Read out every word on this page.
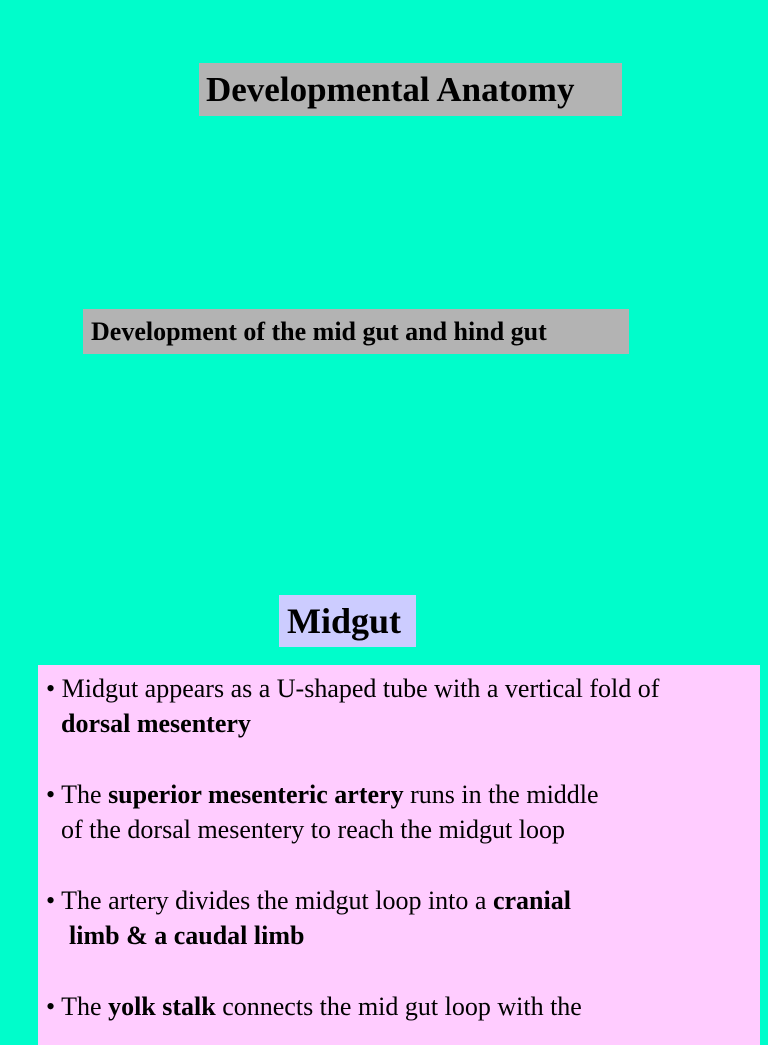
Developmental Anatomy
Development of the mid gut and hind gut
Midgut
• Midgut appears as a U-shaped tube with a vertical fold of
dorsal mesentery
• The superior mesenteric artery runs in the middle
of the dorsal mesentery to reach the midgut loop
• The artery divides the midgut loop into a cranial
limb & a caudal limb
• The yolk stalk connects the mid gut loop with the
